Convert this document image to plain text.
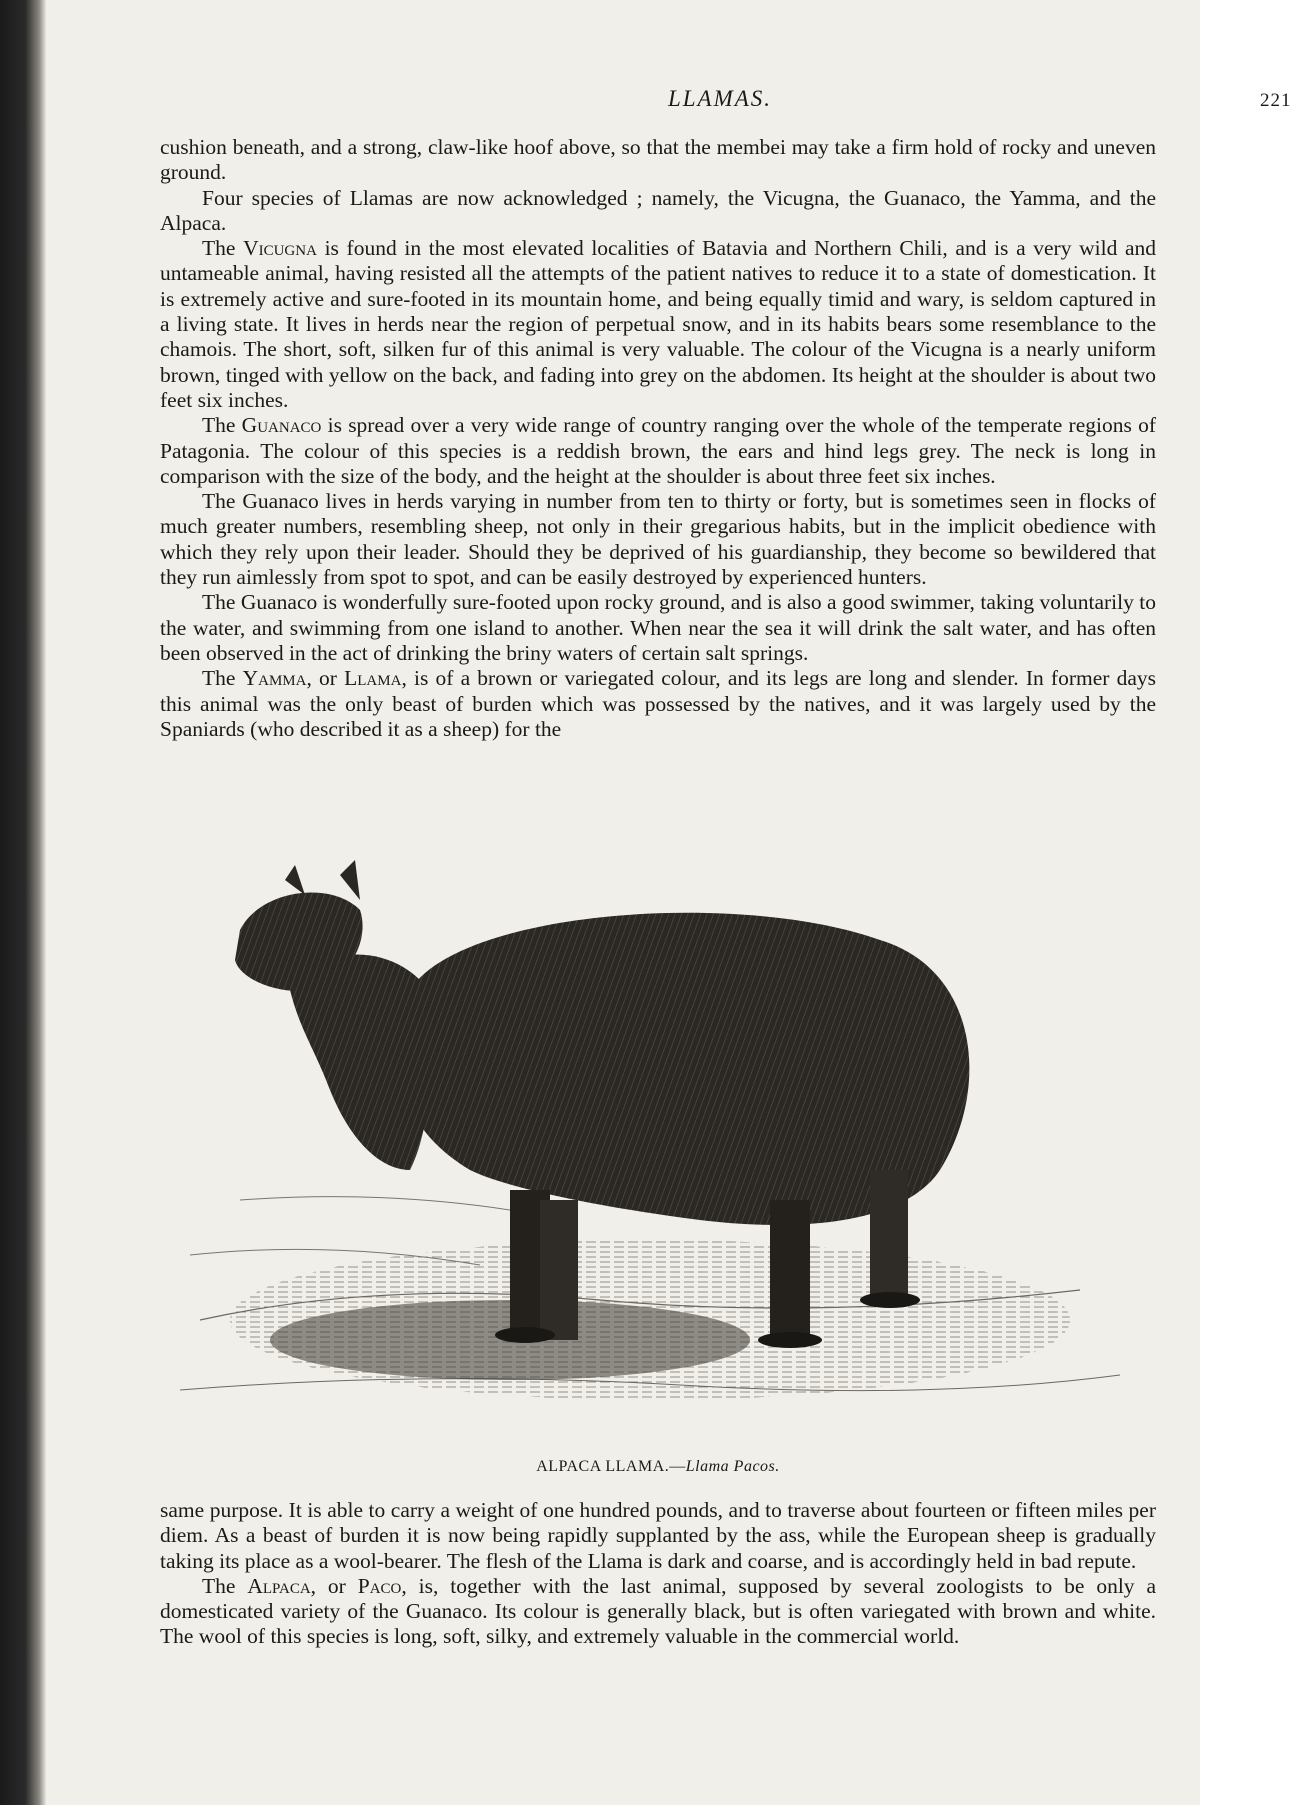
LLAMAS.	221

cushion beneath, and a strong, claw-like hoof above, so that the membei may take a firm hold of rocky and uneven ground.

Four species of Llamas are now acknowledged ; namely, the Vicugna, the Guanaco, the Yamma, and the Alpaca.

The Vicugna is found in the most elevated localities of Batavia and Northern Chili, and is a very wild and untameable animal, having resisted all the attempts of the patient natives to reduce it to a state of domestication. It is extremely active and sure-footed in its mountain home, and being equally timid and wary, is seldom captured in a living state. It lives in herds near the region of perpetual snow, and in its habits bears some resemblance to the chamois. The short, soft, silken fur of this animal is very valuable. The colour of the Vicugna is a nearly uniform brown, tinged with yellow on the back, and fading into grey on the abdomen. Its height at the shoulder is about two feet six inches.

The Guanaco is spread over a very wide range of country ranging over the whole of the temperate regions of Patagonia. The colour of this species is a reddish brown, the ears and hind legs grey. The neck is long in comparison with the size of the body, and the height at the shoulder is about three feet six inches.

The Guanaco lives in herds varying in number from ten to thirty or forty, but is sometimes seen in flocks of much greater numbers, resembling sheep, not only in their gregarious habits, but in the implicit obedience with which they rely upon their leader. Should they be deprived of his guardianship, they become so bewildered that they run aimlessly from spot to spot, and can be easily destroyed by experienced hunters.

The Guanaco is wonderfully sure-footed upon rocky ground, and is also a good swimmer, taking voluntarily to the water, and swimming from one island to another. When near the sea it will drink the salt water, and has often been observed in the act of drinking the briny waters of certain salt springs.

The Yamma, or Llama, is of a brown or variegated colour, and its legs are long and slender. In former days this animal was the only beast of burden which was possessed by the natives, and it was largely used by the Spaniards (who described it as a sheep) for the

ALPACA LLAMA.—Llama Pacos.

same purpose. It is able to carry a weight of one hundred pounds, and to traverse about fourteen or fifteen miles per diem. As a beast of burden it is now being rapidly supplanted by the ass, while the European sheep is gradually taking its place as a wool-bearer. The flesh of the Llama is dark and coarse, and is accordingly held in bad repute.

The Alpaca, or Paco, is, together with the last animal, supposed by several zoologists to be only a domesticated variety of the Guanaco. Its colour is generally black, but is often variegated with brown and white. The wool of this species is long, soft, silky, and extremely valuable in the commercial world.
